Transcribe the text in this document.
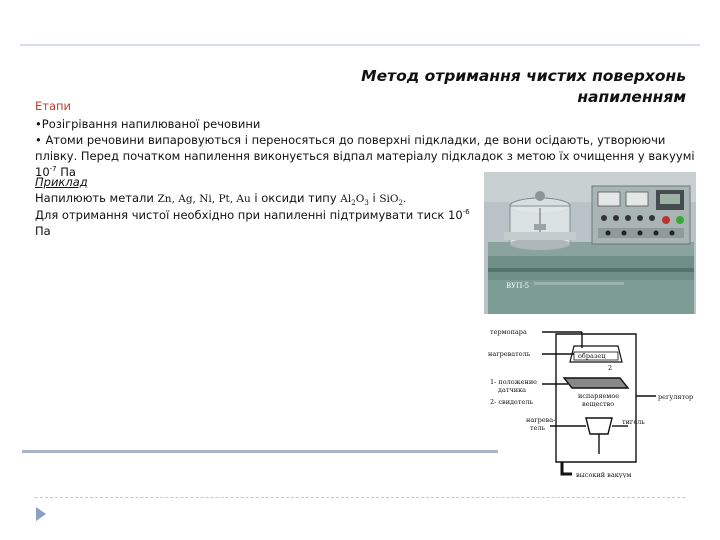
Метод отримання чистих поверхонь
напиленням
Етапи

•Розігрівання напилюваної речовини

• Атоми речовини випаровуються і переносяться до поверхні підкладки, де вони осідають, утворюючи плівку. Перед початком напилення виконується відпал матеріалу підкладок з метою їх очищення у вакуумі $10^{-7}$ Па

Приклад

Напилюють метали Zn, Ag, Ni, Pt, Au і оксиди типу $Al_2O_3$ і SiO$_2$.

Для отримання чистої необхідно при напиленні підтримувати тиск $10^{-6}$ Па

ВУП-5
термопара
нагреватель	образец
2
1- положение
датчика
2- свидетель
испаряемое
вещество
регулятор
нагрева-
тель
тигель
высокий вакуум
